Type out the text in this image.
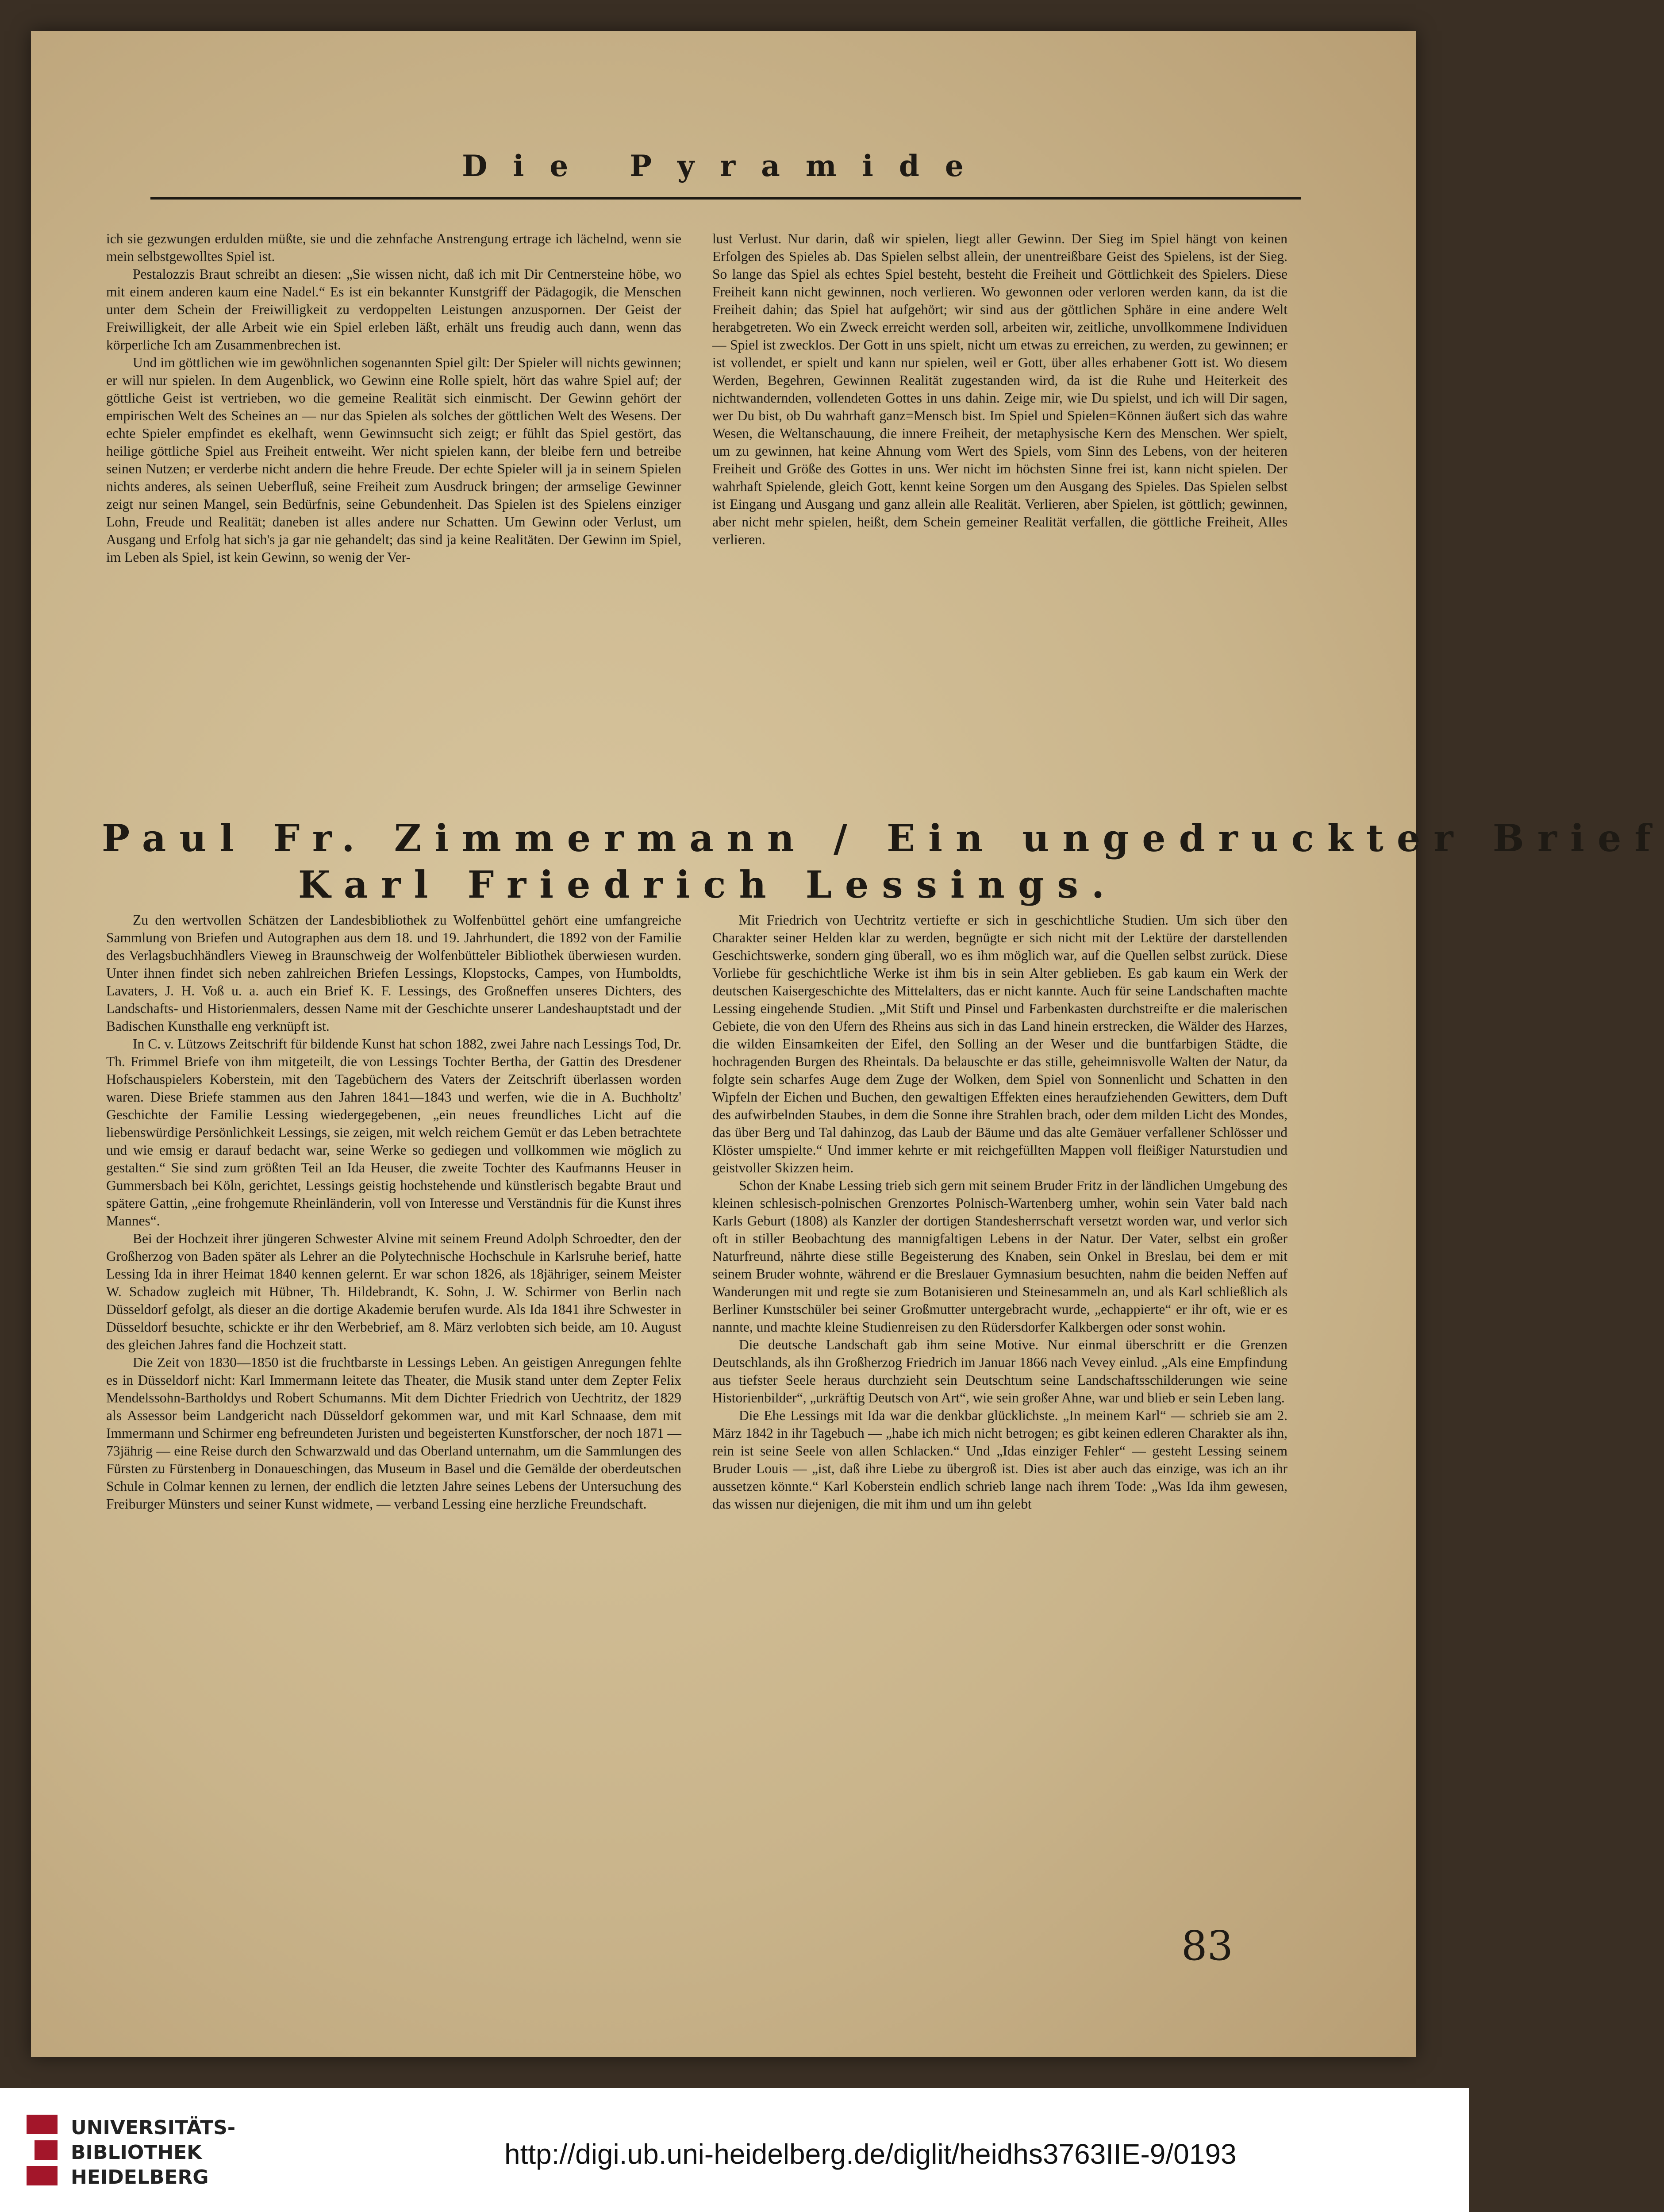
Die Pyramide

ich sie gezwungen erdulden müßte, sie und die zehnfache Anstrengung ertrage ich lächelnd, wenn sie mein selbstgewolltes Spiel ist.

Pestalozzis Braut schreibt an diesen: „Sie wissen nicht, daß ich mit Dir Centnersteine höbe, wo mit einem anderen kaum eine Nadel.“ Es ist ein bekannter Kunstgriff der Pädagogik, die Menschen unter dem Schein der Freiwilligkeit zu verdoppelten Leistungen anzuspornen. Der Geist der Freiwilligkeit, der alle Arbeit wie ein Spiel erleben läßt, erhält uns freudig auch dann, wenn das körperliche Ich am Zusammenbrechen ist.

Und im göttlichen wie im gewöhnlichen sogenannten Spiel gilt: Der Spieler will nichts gewinnen; er will nur spielen. In dem Augenblick, wo Gewinn eine Rolle spielt, hört das wahre Spiel auf; der göttliche Geist ist vertrieben, wo die gemeine Realität sich einmischt. Der Gewinn gehört der empirischen Welt des Scheines an — nur das Spielen als solches der göttlichen Welt des Wesens. Der echte Spieler empfindet es ekelhaft, wenn Gewinnsucht sich zeigt; er fühlt das Spiel gestört, das heilige göttliche Spiel aus Freiheit entweiht. Wer nicht spielen kann, der bleibe fern und betreibe seinen Nutzen; er verderbe nicht andern die hehre Freude. Der echte Spieler will ja in seinem Spielen nichts anderes, als seinen Ueberfluß, seine Freiheit zum Ausdruck bringen; der armselige Gewinner zeigt nur seinen Mangel, sein Bedürfnis, seine Gebundenheit. Das Spielen ist des Spielens einziger Lohn, Freude und Realität; daneben ist alles andere nur Schatten. Um Gewinn oder Verlust, um Ausgang und Erfolg hat sich's ja gar nie gehandelt; das sind ja keine Realitäten. Der Gewinn im Spiel, im Leben als Spiel, ist kein Gewinn, so wenig der Ver-

lust Verlust. Nur darin, daß wir spielen, liegt aller Gewinn. Der Sieg im Spiel hängt von keinen Erfolgen des Spieles ab. Das Spielen selbst allein, der unentreißbare Geist des Spielens, ist der Sieg. So lange das Spiel als echtes Spiel besteht, besteht die Freiheit und Göttlichkeit des Spielers. Diese Freiheit kann nicht gewinnen, noch verlieren. Wo gewonnen oder verloren werden kann, da ist die Freiheit dahin; das Spiel hat aufgehört; wir sind aus der göttlichen Sphäre in eine andere Welt herabgetreten. Wo ein Zweck erreicht werden soll, arbeiten wir, zeitliche, unvollkommene Individuen — Spiel ist zwecklos. Der Gott in uns spielt, nicht um etwas zu erreichen, zu werden, zu gewinnen; er ist vollendet, er spielt und kann nur spielen, weil er Gott, über alles erhabener Gott ist. Wo diesem Werden, Begehren, Gewinnen Realität zugestanden wird, da ist die Ruhe und Heiterkeit des nichtwandernden, vollendeten Gottes in uns dahin. Zeige mir, wie Du spielst, und ich will Dir sagen, wer Du bist, ob Du wahrhaft ganz=Mensch bist. Im Spiel und Spielen=Können äußert sich das wahre Wesen, die Weltanschauung, die innere Freiheit, der metaphysische Kern des Menschen. Wer spielt, um zu gewinnen, hat keine Ahnung vom Wert des Spiels, vom Sinn des Lebens, von der heiteren Freiheit und Größe des Gottes in uns. Wer nicht im höchsten Sinne frei ist, kann nicht spielen. Der wahrhaft Spielende, gleich Gott, kennt keine Sorgen um den Ausgang des Spieles. Das Spielen selbst ist Eingang und Ausgang und ganz allein alle Realität. Verlieren, aber Spielen, ist göttlich; gewinnen, aber nicht mehr spielen, heißt, dem Schein gemeiner Realität verfallen, die göttliche Freiheit, Alles verlieren.

Paul Fr. Zimmermann / Ein ungedruckter Brief
Karl Friedrich Lessings.

Zu den wertvollen Schätzen der Landesbibliothek zu Wolfenbüttel gehört eine umfangreiche Sammlung von Briefen und Autographen aus dem 18. und 19. Jahrhundert, die 1892 von der Familie des Verlagsbuchhändlers Vieweg in Braunschweig der Wolfenbütteler Bibliothek überwiesen wurden. Unter ihnen findet sich neben zahlreichen Briefen Lessings, Klopstocks, Campes, von Humboldts, Lavaters, J. H. Voß u. a. auch ein Brief K. F. Lessings, des Großneffen unseres Dichters, des Landschafts- und Historienmalers, dessen Name mit der Geschichte unserer Landeshauptstadt und der Badischen Kunsthalle eng verknüpft ist.

In C. v. Lützows Zeitschrift für bildende Kunst hat schon 1882, zwei Jahre nach Lessings Tod, Dr. Th. Frimmel Briefe von ihm mitgeteilt, die von Lessings Tochter Bertha, der Gattin des Dresdener Hofschauspielers Koberstein, mit den Tagebüchern des Vaters der Zeitschrift überlassen worden waren. Diese Briefe stammen aus den Jahren 1841—1843 und werfen, wie die in A. Buchholtz' Geschichte der Familie Lessing wiedergegebenen, „ein neues freundliches Licht auf die liebenswürdige Persönlichkeit Lessings, sie zeigen, mit welch reichem Gemüt er das Leben betrachtete und wie emsig er darauf bedacht war, seine Werke so gediegen und vollkommen wie möglich zu gestalten.“ Sie sind zum größten Teil an Ida Heuser, die zweite Tochter des Kaufmanns Heuser in Gummersbach bei Köln, gerichtet, Lessings geistig hochstehende und künstlerisch begabte Braut und spätere Gattin, „eine frohgemute Rheinländerin, voll von Interesse und Verständnis für die Kunst ihres Mannes“.

Bei der Hochzeit ihrer jüngeren Schwester Alvine mit seinem Freund Adolph Schroedter, den der Großherzog von Baden später als Lehrer an die Polytechnische Hochschule in Karlsruhe berief, hatte Lessing Ida in ihrer Heimat 1840 kennen gelernt. Er war schon 1826, als 18jähriger, seinem Meister W. Schadow zugleich mit Hübner, Th. Hildebrandt, K. Sohn, J. W. Schirmer von Berlin nach Düsseldorf gefolgt, als dieser an die dortige Akademie berufen wurde. Als Ida 1841 ihre Schwester in Düsseldorf besuchte, schickte er ihr den Werbebrief, am 8. März verlobten sich beide, am 10. August des gleichen Jahres fand die Hochzeit statt.

Die Zeit von 1830—1850 ist die fruchtbarste in Lessings Leben. An geistigen Anregungen fehlte es in Düsseldorf nicht: Karl Immermann leitete das Theater, die Musik stand unter dem Zepter Felix Mendelssohn-Bartholdys und Robert Schumanns. Mit dem Dichter Friedrich von Uechtritz, der 1829 als Assessor beim Landgericht nach Düsseldorf gekommen war, und mit Karl Schnaase, dem mit Immermann und Schirmer eng befreundeten Juristen und begeisterten Kunstforscher, der noch 1871 — 73jährig — eine Reise durch den Schwarzwald und das Oberland unternahm, um die Sammlungen des Fürsten zu Fürstenberg in Donaueschingen, das Museum in Basel und die Gemälde der oberdeutschen Schule in Colmar kennen zu lernen, der endlich die letzten Jahre seines Lebens der Untersuchung des Freiburger Münsters und seiner Kunst widmete, — verband Lessing eine herzliche Freundschaft.

Mit Friedrich von Uechtritz vertiefte er sich in geschichtliche Studien. Um sich über den Charakter seiner Helden klar zu werden, begnügte er sich nicht mit der Lektüre der darstellenden Geschichtswerke, sondern ging überall, wo es ihm möglich war, auf die Quellen selbst zurück. Diese Vorliebe für geschichtliche Werke ist ihm bis in sein Alter geblieben. Es gab kaum ein Werk der deutschen Kaisergeschichte des Mittelalters, das er nicht kannte. Auch für seine Landschaften machte Lessing eingehende Studien. „Mit Stift und Pinsel und Farbenkasten durchstreifte er die malerischen Gebiete, die von den Ufern des Rheins aus sich in das Land hinein erstrecken, die Wälder des Harzes, die wilden Einsamkeiten der Eifel, den Solling an der Weser und die buntfarbigen Städte, die hochragenden Burgen des Rheintals. Da belauschte er das stille, geheimnisvolle Walten der Natur, da folgte sein scharfes Auge dem Zuge der Wolken, dem Spiel von Sonnenlicht und Schatten in den Wipfeln der Eichen und Buchen, den gewaltigen Effekten eines heraufziehenden Gewitters, dem Duft des aufwirbelnden Staubes, in dem die Sonne ihre Strahlen brach, oder dem milden Licht des Mondes, das über Berg und Tal dahinzog, das Laub der Bäume und das alte Gemäuer verfallener Schlösser und Klöster umspielte.“ Und immer kehrte er mit reichgefüllten Mappen voll fleißiger Naturstudien und geistvoller Skizzen heim.

Schon der Knabe Lessing trieb sich gern mit seinem Bruder Fritz in der ländlichen Umgebung des kleinen schlesisch-polnischen Grenzortes Polnisch-Wartenberg umher, wohin sein Vater bald nach Karls Geburt (1808) als Kanzler der dortigen Standesherrschaft versetzt worden war, und verlor sich oft in stiller Beobachtung des mannigfaltigen Lebens in der Natur. Der Vater, selbst ein großer Naturfreund, nährte diese stille Begeisterung des Knaben, sein Onkel in Breslau, bei dem er mit seinem Bruder wohnte, während er die Breslauer Gymnasium besuchten, nahm die beiden Neffen auf Wanderungen mit und regte sie zum Botanisieren und Steinesammeln an, und als Karl schließlich als Berliner Kunstschüler bei seiner Großmutter untergebracht wurde, „echappierte“ er ihr oft, wie er es nannte, und machte kleine Studienreisen zu den Rüdersdorfer Kalkbergen oder sonst wohin.

Die deutsche Landschaft gab ihm seine Motive. Nur einmal überschritt er die Grenzen Deutschlands, als ihn Großherzog Friedrich im Januar 1866 nach Vevey einlud. „Als eine Empfindung aus tiefster Seele heraus durchzieht sein Deutschtum seine Landschaftsschilderungen wie seine Historienbilder“, „urkräftig Deutsch von Art“, wie sein großer Ahne, war und blieb er sein Leben lang.

Die Ehe Lessings mit Ida war die denkbar glücklichste. „In meinem Karl“ — schrieb sie am 2. März 1842 in ihr Tagebuch — „habe ich mich nicht betrogen; es gibt keinen edleren Charakter als ihn, rein ist seine Seele von allen Schlacken.“ Und „Idas einziger Fehler“ — gesteht Lessing seinem Bruder Louis — „ist, daß ihre Liebe zu übergroß ist. Dies ist aber auch das einzige, was ich an ihr aussetzen könnte.“ Karl Koberstein endlich schrieb lange nach ihrem Tode: „Was Ida ihm gewesen, das wissen nur diejenigen, die mit ihm und um ihn gelebt

83
UNIVERSITÄTS-
BIBLIOTHEK
HEIDELBERG
http://digi.ub.uni-heidelberg.de/diglit/heidhs3763IIE-9/0193
